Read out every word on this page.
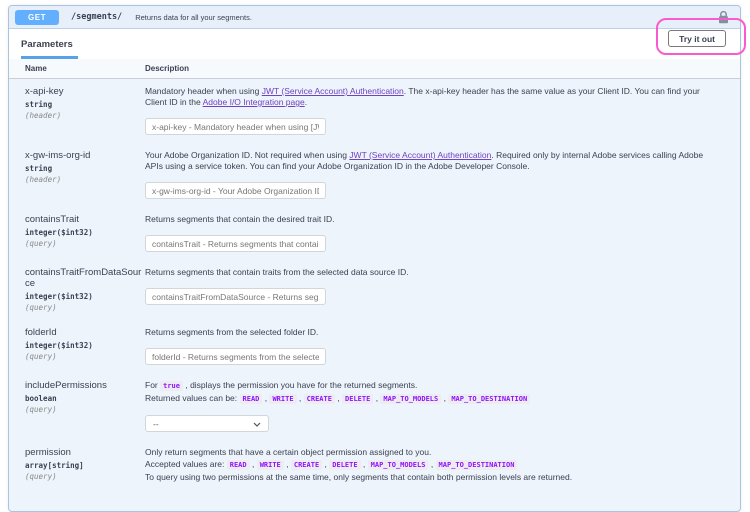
GET	/segments/ Returns data for all your segments.
Parameters
Try it out
Name	Description
x-api-key
string
(header)
Mandatory header when using JWT (Service Account) Authentication. The x-api-key header has the same value as your Client ID. You can find your Client ID in the Adobe I/O Integration page.
x-api-key - Mandatory header when using [JWT
x-gw-ims-org-id
string
(header)
Your Adobe Organization ID. Not required when using JWT (Service Account) Authentication. Required only by internal Adobe services calling Adobe APIs using a service token. You can find your Adobe Organization ID in the Adobe Developer Console.
x-gw-ims-org-id - Your Adobe Organization ID
containsTrait
integer($int32)
(query)
Returns segments that contain the desired trait ID.
containsTrait - Returns segments that contain
containsTraitFromDataSource
integer($int32)
(query)
Returns segments that contain traits from the selected data source ID.
containsTraitFromDataSource - Returns segments
folderId
integer($int32)
(query)
Returns segments from the selected folder ID.
folderId - Returns segments from the selected
includePermissions
boolean
(query)
For true , displays the permission you have for the returned segments.
Returned values can be: READ , WRITE , CREATE , DELETE , MAP_TO_MODELS , MAP_TO_DESTINATION
--
permission
array[string]
(query)
Only return segments that have a certain object permission assigned to you.
Accepted values are: READ , WRITE , CREATE , DELETE , MAP_TO_MODELS , MAP_TO_DESTINATION
To query using two permissions at the same time, only segments that contain both permission levels are returned.
